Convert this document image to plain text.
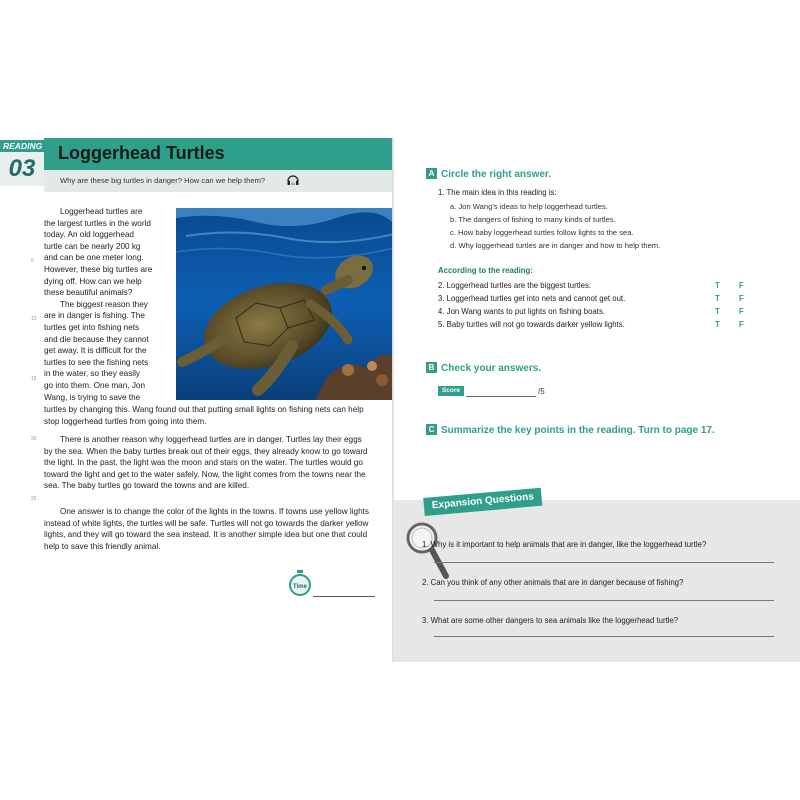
READING
03
Loggerhead Turtles
Why are these big turtles in danger? How can we help them?	03
Loggerhead turtles are
the largest turtles in the world
today. An old loggerhead
turtle can be nearly 200 kg
and can be one meter long.
However, these big turtles are
dying off. How can we help
these beautiful animals?
The biggest reason they
are in danger is fishing. The
turtles get into fishing nets
and die because they cannot
get away. It is difficult for the
turtles to see the fishing nets
in the water, so they easily
go into them. One man, Jon
Wang, is trying to save the
5
10
15
20
25
turtles by changing this. Wang found out that putting small lights on fishing nets can help stop loggerhead turtles from going into them.
There is another reason why loggerhead turtles are in danger. Turtles lay their eggs by the sea. When the baby turtles break out of their eggs, they already know to go toward the light. In the past, the light was the moon and stars on the water. The turtles would go toward the light and get to the water safely. Now, the light comes from the towns near the sea. The baby turtles go toward the towns and are killed.
One answer is to change the color of the lights in the towns. If towns use yellow lights instead of white lights, the turtles will be safe. Turtles will not go towards the darker yellow lights, and they will go toward the sea instead. It is another simple idea but one that could help to save this friendly animal.
Time
A Circle the right answer.
1. The main idea in this reading is:
a. Jon Wang's ideas to help loggerhead turtles.
b. The dangers of fishing to many kinds of turtles.
c. How baby loggerhead turtles follow lights to the sea.
d. Why loggerhead turtles are in danger and how to help them.
According to the reading:
2. Loggerhead turtles are the biggest turtles.	T F
3. Loggerhead turtles get into nets and cannot get out.	T F
4. Jon Wang wants to put lights on fishing boats.	T F
5. Baby turtles will not go towards darker yellow lights.	T F
B Check your answers.
Score	/5
C Summarize the key points in the reading. Turn to page 17.
Expansion Questions
1. Why is it important to help animals that are in danger, like the loggerhead turtle?
2. Can you think of any other animals that are in danger because of fishing?
3. What are some other dangers to sea animals like the loggerhead turtle?
